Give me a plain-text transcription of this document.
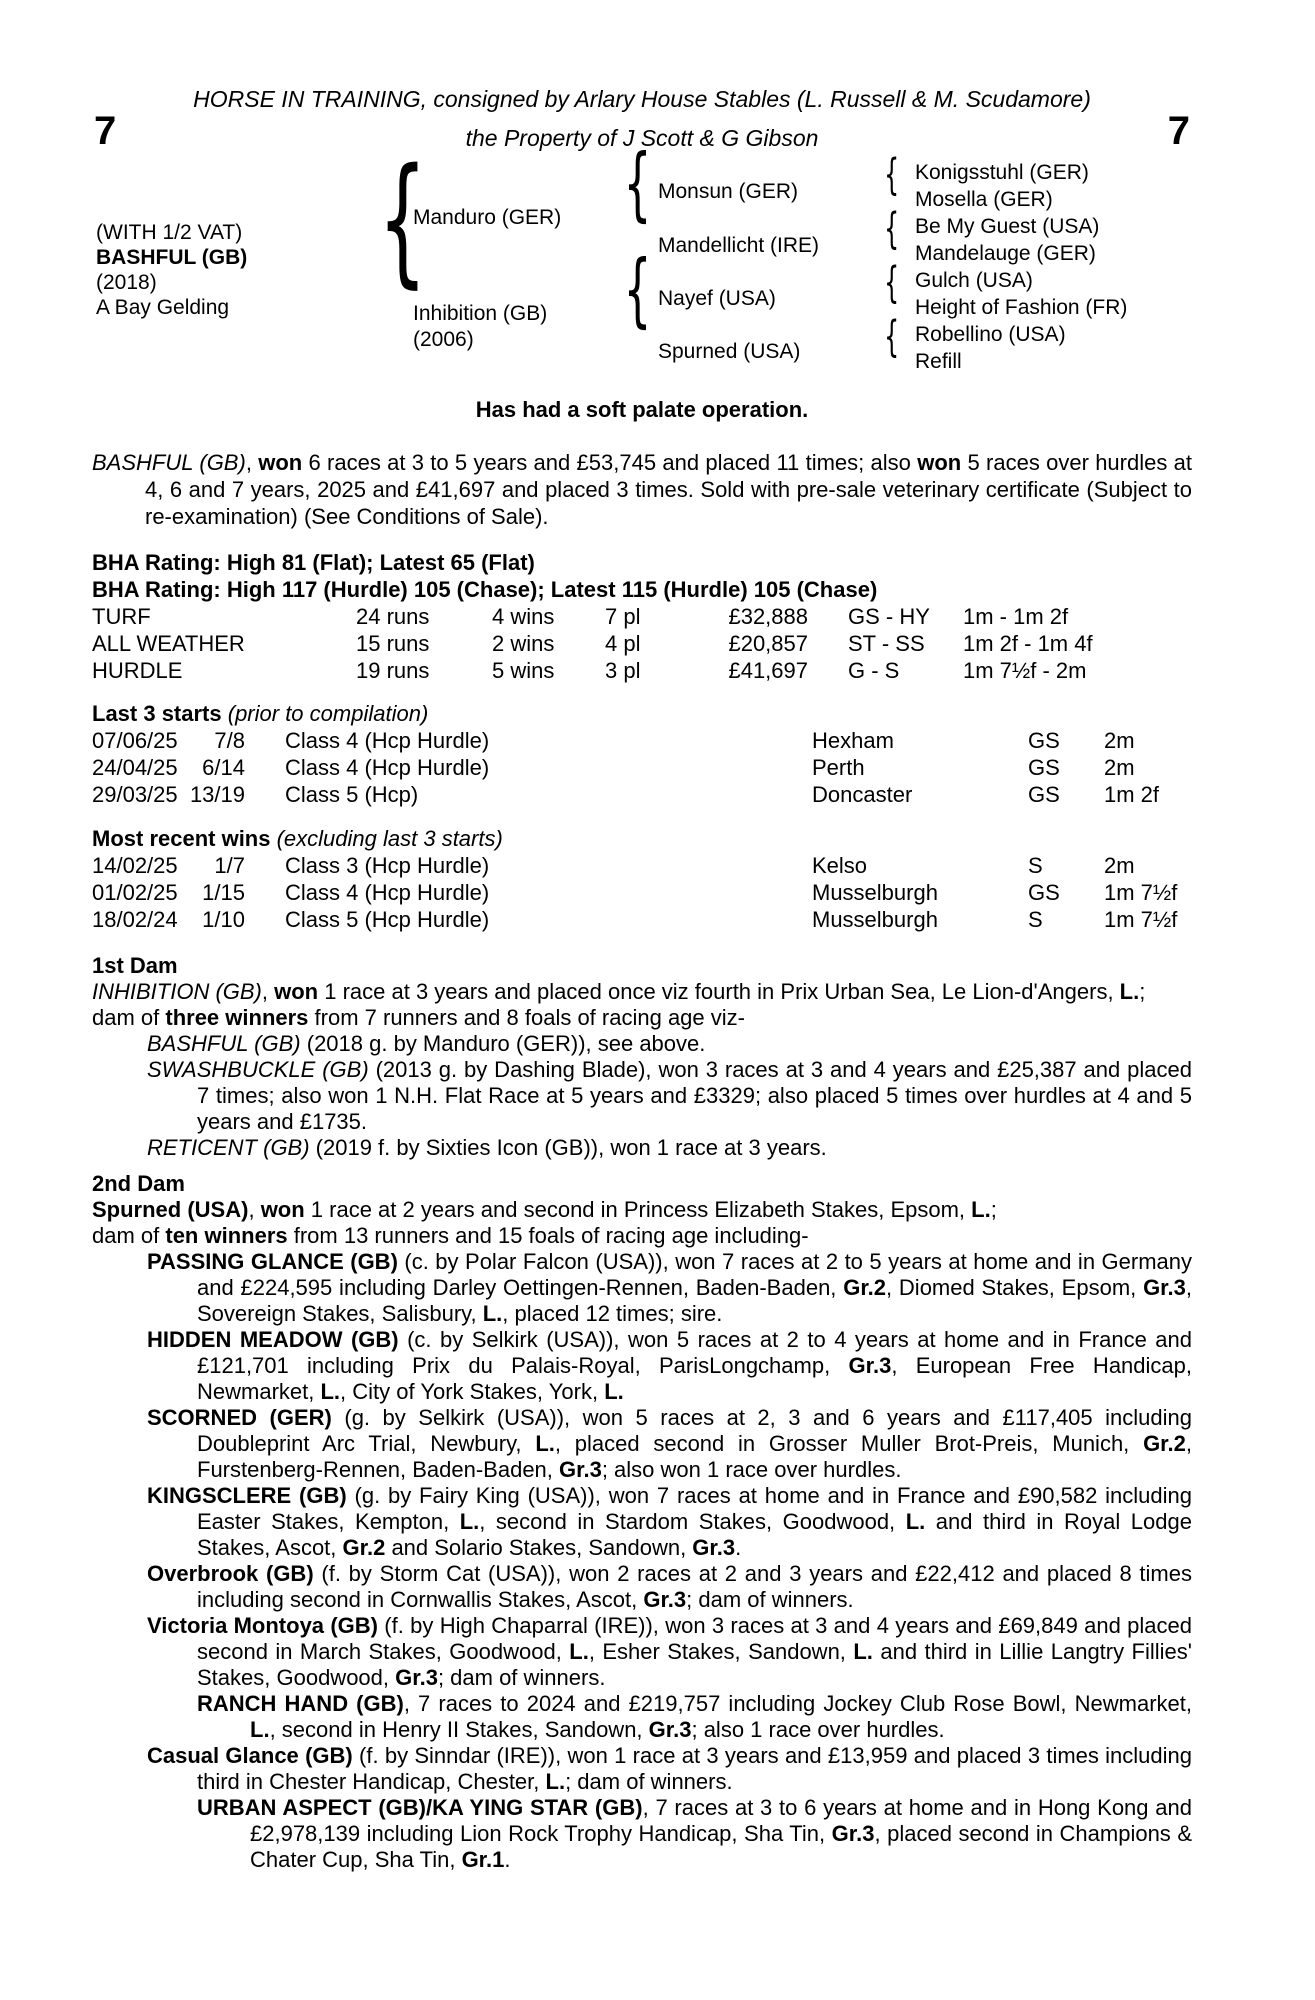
HORSE IN TRAINING, consigned by Arlary House Stables (L. Russell & M. Scudamore)
7	the Property of J Scott & G Gibson	7
(WITH 1/2 VAT)
BASHFUL (GB)
(2018)
A Bay Gelding
{
Manduro (GER)
Inhibition (GB)
(2006)
{
{
Monsun (GER)
Mandellicht (IRE)
Nayef (USA)
Spurned (USA)
{
{
{
{
Konigsstuhl (GER)
Mosella (GER)
Be My Guest (USA)
Mandelauge (GER)
Gulch (USA)
Height of Fashion (FR)
Robellino (USA)
Refill
Has had a soft palate operation.

BASHFUL (GB), won 6 races at 3 to 5 years and £53,745 and placed 11 times; also won 5 races over hurdles at 4, 6 and 7 years, 2025 and £41,697 and placed 3 times. Sold with pre-sale veterinary certificate (Subject to re-examination) (See Conditions of Sale).

BHA Rating: High 81 (Flat); Latest 65 (Flat)
BHA Rating: High 117 (Hurdle) 105 (Chase); Latest 115 (Hurdle) 105 (Chase)
TURF	24 runs	4 wins 7 pl	£32,888 GS - HY 1m - 1m 2f
ALL WEATHER	15 runs	2 wins 4 pl	£20,857 ST - SS 1m 2f - 1m 4f
HURDLE	19 runs	5 wins 3 pl	£41,697 G - S	1m 7½f - 2m
Last 3 starts (prior to compilation)
07/06/25	7/8 Class 4 (Hcp Hurdle)	Hexham	GS 2m
24/04/25	6/14 Class 4 (Hcp Hurdle)	Perth	GS 2m
29/03/25 13/19 Class 5 (Hcp)	Doncaster	GS 1m 2f
Most recent wins (excluding last 3 starts)
14/02/25	1/7 Class 3 (Hcp Hurdle)	Kelso	S	2m
01/02/25	1/15 Class 4 (Hcp Hurdle)	Musselburgh	GS 1m 7½f
18/02/24	1/10 Class 5 (Hcp Hurdle)	Musselburgh	S	1m 7½f
1st Dam

INHIBITION (GB), won 1 race at 3 years and placed once viz fourth in Prix Urban Sea, Le Lion-d'Angers, L.;

dam of three winners from 7 runners and 8 foals of racing age viz-

BASHFUL (GB) (2018 g. by Manduro (GER)), see above.

SWASHBUCKLE (GB) (2013 g. by Dashing Blade), won 3 races at 3 and 4 years and £25,387 and placed 7 times; also won 1 N.H. Flat Race at 5 years and £3329; also placed 5 times over hurdles at 4 and 5 years and £1735.

RETICENT (GB) (2019 f. by Sixties Icon (GB)), won 1 race at 3 years.

2nd Dam

Spurned (USA), won 1 race at 2 years and second in Princess Elizabeth Stakes, Epsom, L.;

dam of ten winners from 13 runners and 15 foals of racing age including-

PASSING GLANCE (GB) (c. by Polar Falcon (USA)), won 7 races at 2 to 5 years at home and in Germany and £224,595 including Darley Oettingen-Rennen, Baden-Baden, Gr.2, Diomed Stakes, Epsom, Gr.3, Sovereign Stakes, Salisbury, L., placed 12 times; sire.

HIDDEN MEADOW (GB) (c. by Selkirk (USA)), won 5 races at 2 to 4 years at home and in France and £121,701 including Prix du Palais-Royal, ParisLongchamp, Gr.3, European Free Handicap, Newmarket, L., City of York Stakes, York, L.

SCORNED (GER) (g. by Selkirk (USA)), won 5 races at 2, 3 and 6 years and £117,405 including Doubleprint Arc Trial, Newbury, L., placed second in Grosser Muller Brot-Preis, Munich, Gr.2, Furstenberg-Rennen, Baden-Baden, Gr.3; also won 1 race over hurdles.

KINGSCLERE (GB) (g. by Fairy King (USA)), won 7 races at home and in France and £90,582 including Easter Stakes, Kempton, L., second in Stardom Stakes, Goodwood, L. and third in Royal Lodge Stakes, Ascot, Gr.2 and Solario Stakes, Sandown, Gr.3.

Overbrook (GB) (f. by Storm Cat (USA)), won 2 races at 2 and 3 years and £22,412 and placed 8 times including second in Cornwallis Stakes, Ascot, Gr.3; dam of winners.

Victoria Montoya (GB) (f. by High Chaparral (IRE)), won 3 races at 3 and 4 years and £69,849 and placed second in March Stakes, Goodwood, L., Esher Stakes, Sandown, L. and third in Lillie Langtry Fillies' Stakes, Goodwood, Gr.3; dam of winners.

RANCH HAND (GB), 7 races to 2024 and £219,757 including Jockey Club Rose Bowl, Newmarket, L., second in Henry II Stakes, Sandown, Gr.3; also 1 race over hurdles.

Casual Glance (GB) (f. by Sinndar (IRE)), won 1 race at 3 years and £13,959 and placed 3 times including third in Chester Handicap, Chester, L.; dam of winners.

URBAN ASPECT (GB)/KA YING STAR (GB), 7 races at 3 to 6 years at home and in Hong Kong and £2,978,139 including Lion Rock Trophy Handicap, Sha Tin, Gr.3, placed second in Champions & Chater Cup, Sha Tin, Gr.1.
